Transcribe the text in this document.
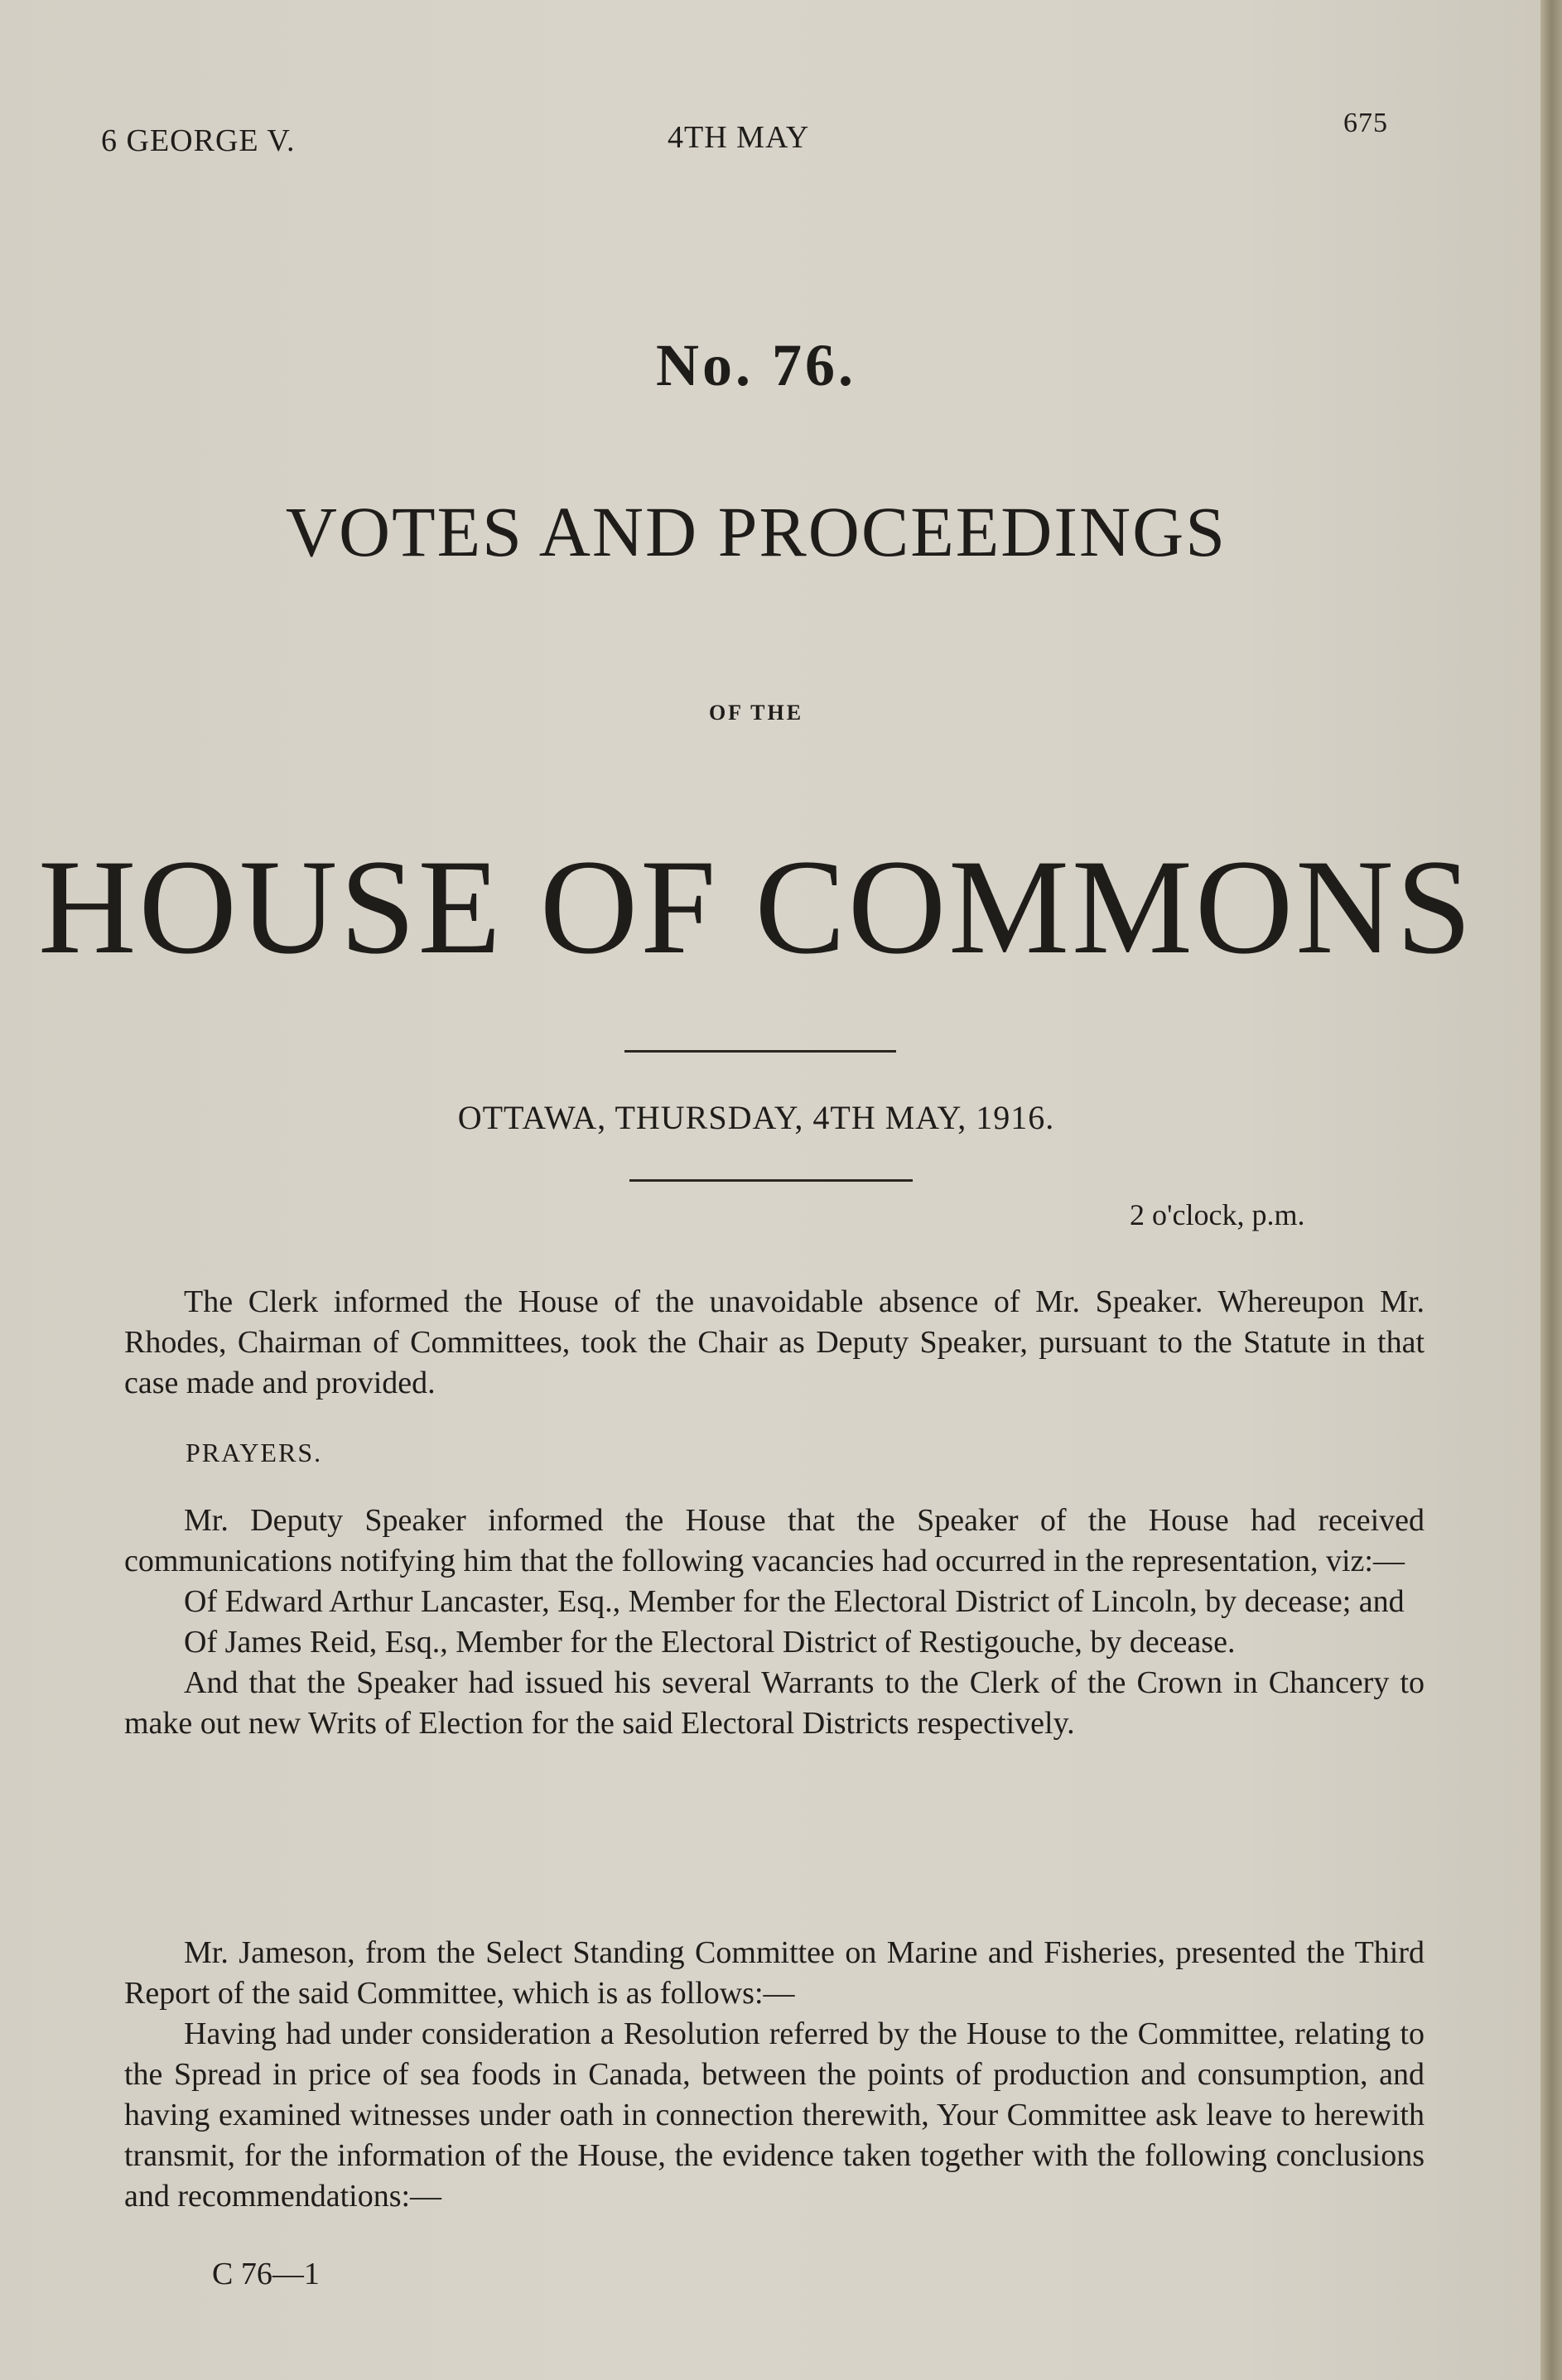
6 GEORGE V.	4TH MAY	675
No. 76.
VOTES AND PROCEEDINGS
OF THE
HOUSE OF COMMONS
OTTAWA, THURSDAY, 4TH MAY, 1916.
2 o'clock, p.m.

The Clerk informed the House of the unavoidable absence of Mr. Speaker. Whereupon Mr. Rhodes, Chairman of Committees, took the Chair as Deputy Speaker, pursuant to the Statute in that case made and provided.

PRAYERS.

Mr. Deputy Speaker informed the House that the Speaker of the House had received communications notifying him that the following vacancies had occurred in the representation, viz:—

Of Edward Arthur Lancaster, Esq., Member for the Electoral District of Lincoln, by decease; and

Of James Reid, Esq., Member for the Electoral District of Restigouche, by decease.

And that the Speaker had issued his several Warrants to the Clerk of the Crown in Chancery to make out new Writs of Election for the said Electoral Districts respectively.

Mr. Jameson, from the Select Standing Committee on Marine and Fisheries, presented the Third Report of the said Committee, which is as follows:—

Having had under consideration a Resolution referred by the House to the Committee, relating to the Spread in price of sea foods in Canada, between the points of production and consumption, and having examined witnesses under oath in connection therewith, Your Committee ask leave to herewith transmit, for the information of the House, the evidence taken together with the following conclusions and recommendations:—

C 76—1
